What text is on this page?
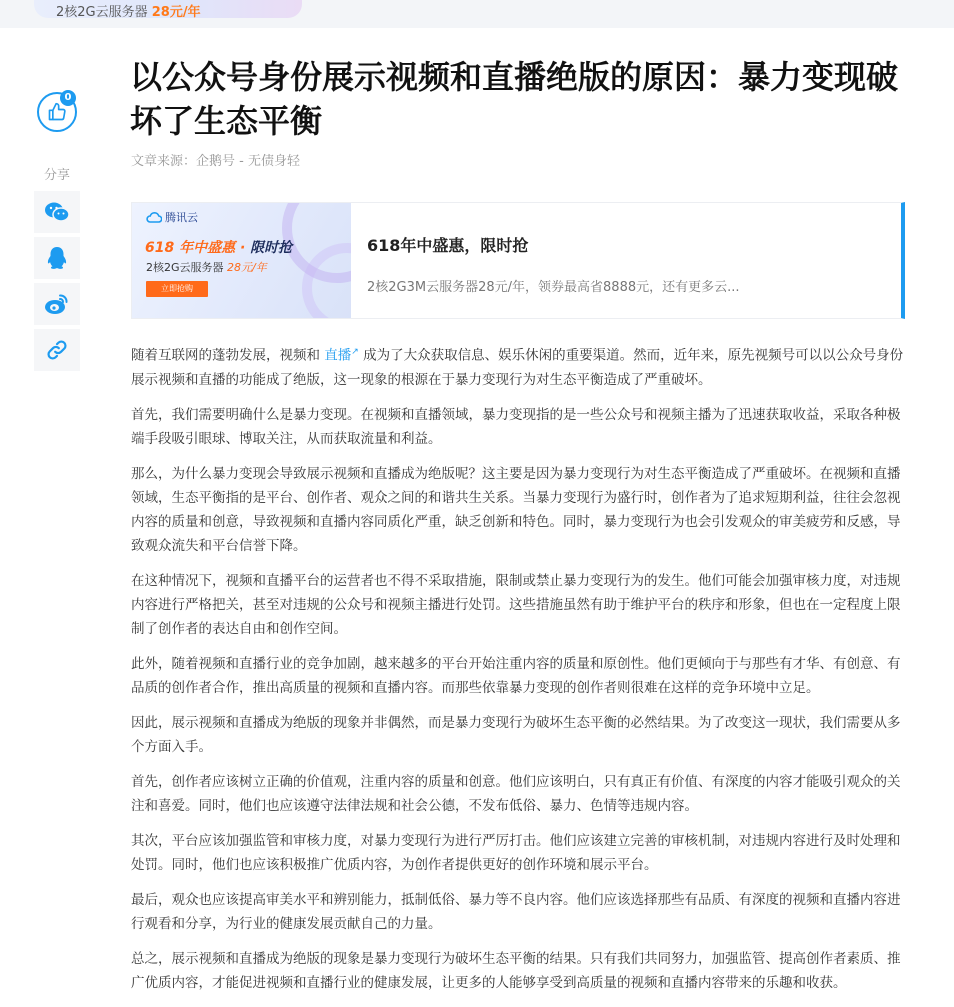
2核2G云服务器 28元/年
0
分享
以公众号身份展示视频和直播绝版的原因：暴力变现破坏了生态平衡
文章来源：企鹅号 - 无债身轻
腾讯云
618 年中盛惠 · 限时抢
2核2G云服务器 28元/年
立即抢购
618年中盛惠，限时抢
2核2G3M云服务器28元/年，领券最高省8888元，还有更多云...

随着互联网的蓬勃发展，视频和 直播↗ 成为了大众获取信息、娱乐休闲的重要渠道。然而，近年来，原先视频号可以以公众号身份展示视频和直播的功能成了绝版，这一现象的根源在于暴力变现行为对生态平衡造成了严重破坏。

首先，我们需要明确什么是暴力变现。在视频和直播领域，暴力变现指的是一些公众号和视频主播为了迅速获取收益，采取各种极端手段吸引眼球、博取关注，从而获取流量和利益。

那么，为什么暴力变现会导致展示视频和直播成为绝版呢？这主要是因为暴力变现行为对生态平衡造成了严重破坏。在视频和直播领域，生态平衡指的是平台、创作者、观众之间的和谐共生关系。当暴力变现行为盛行时，创作者为了追求短期利益，往往会忽视内容的质量和创意，导致视频和直播内容同质化严重，缺乏创新和特色。同时，暴力变现行为也会引发观众的审美疲劳和反感，导致观众流失和平台信誉下降。

在这种情况下，视频和直播平台的运营者也不得不采取措施，限制或禁止暴力变现行为的发生。他们可能会加强审核力度，对违规内容进行严格把关，甚至对违规的公众号和视频主播进行处罚。这些措施虽然有助于维护平台的秩序和形象，但也在一定程度上限制了创作者的表达自由和创作空间。

此外，随着视频和直播行业的竞争加剧，越来越多的平台开始注重内容的质量和原创性。他们更倾向于与那些有才华、有创意、有品质的创作者合作，推出高质量的视频和直播内容。而那些依靠暴力变现的创作者则很难在这样的竞争环境中立足。

因此，展示视频和直播成为绝版的现象并非偶然，而是暴力变现行为破坏生态平衡的必然结果。为了改变这一现状，我们需要从多个方面入手。

首先，创作者应该树立正确的价值观，注重内容的质量和创意。他们应该明白，只有真正有价值、有深度的内容才能吸引观众的关注和喜爱。同时，他们也应该遵守法律法规和社会公德，不发布低俗、暴力、色情等违规内容。

其次，平台应该加强监管和审核力度，对暴力变现行为进行严厉打击。他们应该建立完善的审核机制，对违规内容进行及时处理和处罚。同时，他们也应该积极推广优质内容，为创作者提供更好的创作环境和展示平台。

最后，观众也应该提高审美水平和辨别能力，抵制低俗、暴力等不良内容。他们应该选择那些有品质、有深度的视频和直播内容进行观看和分享，为行业的健康发展贡献自己的力量。

总之，展示视频和直播成为绝版的现象是暴力变现行为破坏生态平衡的结果。只有我们共同努力，加强监管、提高创作者素质、推广优质内容，才能促进视频和直播行业的健康发展，让更多的人能够享受到高质量的视频和直播内容带来的乐趣和收获。
